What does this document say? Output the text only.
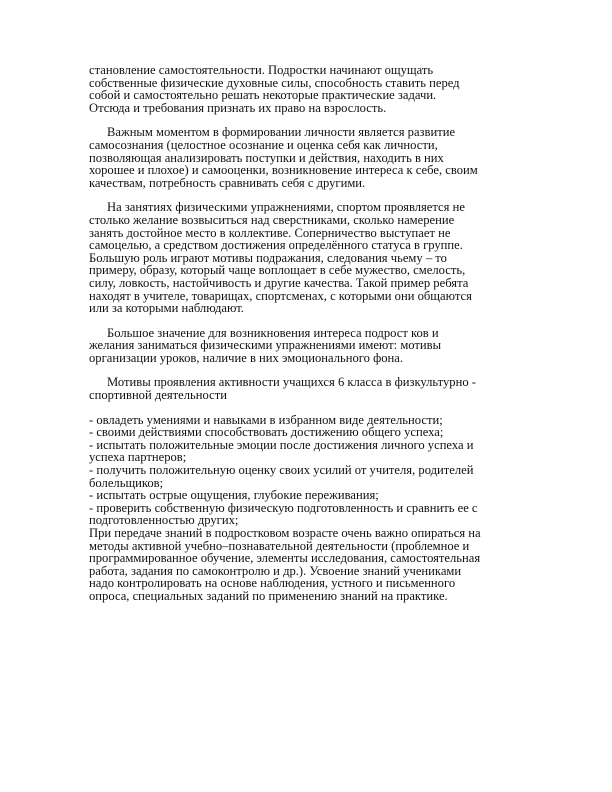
становление самостоятельности. Подростки начинают ощущать
собственные физические духовные силы, способность ставить перед
собой и самостоятельно решать некоторые практические задачи.
Отсюда и требования признать их право на взрослость.

Важным моментом в формировании личности является развитие
самосознания (целостное осознание и оценка себя как личности,
позволяющая анализировать поступки и действия, находить в них
хорошее и плохое) и самооценки, возникновение интереса к себе, своим
качествам, потребность сравнивать себя с другими.

На занятиях физическими упражнениями, спортом проявляется не
столько желание возвыситься над сверстниками, сколько намерение
занять достойное место в коллективе. Соперничество выступает не
самоцелью, а средством достижения определённого статуса в группе.
Большую роль играют мотивы подражания, следования чьему – то
примеру, образу, который чаще воплощает в себе мужество, смелость,
силу, ловкость, настойчивость и другие качества. Такой пример ребята
находят в учителе, товарищах, спортсменах, с которыми они общаются
или за которыми наблюдают.

Большое значение для возникновения интереса подрост ков и
желания заниматься физическими упражнениями имеют: мотивы
организации уроков, наличие в них эмоционального фона.

Мотивы проявления активности учащихся 6 класса в физкультурно -
спортивной деятельности

- овладеть умениями и навыками в избранном виде деятельности;
- своими действиями способствовать достижению общего успеха;
- испытать положительные эмоции после достижения личного успеха и
успеха партнеров;
- получить положительную оценку своих усилий от учителя, родителей
болельщиков;
- испытать острые ощущения, глубокие переживания;
- проверить собственную физическую подготовленность и сравнить ее с
подготовленностью других;

При передаче знаний в подростковом возрасте очень важно опираться на
методы активной учебно–познавательной деятельности (проблемное и
программированное обучение, элементы исследования, самостоятельная
работа, задания по самоконтролю и др.). Усвоение знаний учениками
надо контролировать на основе наблюдения, устного и письменного
опроса, специальных заданий по применению знаний на практике.
